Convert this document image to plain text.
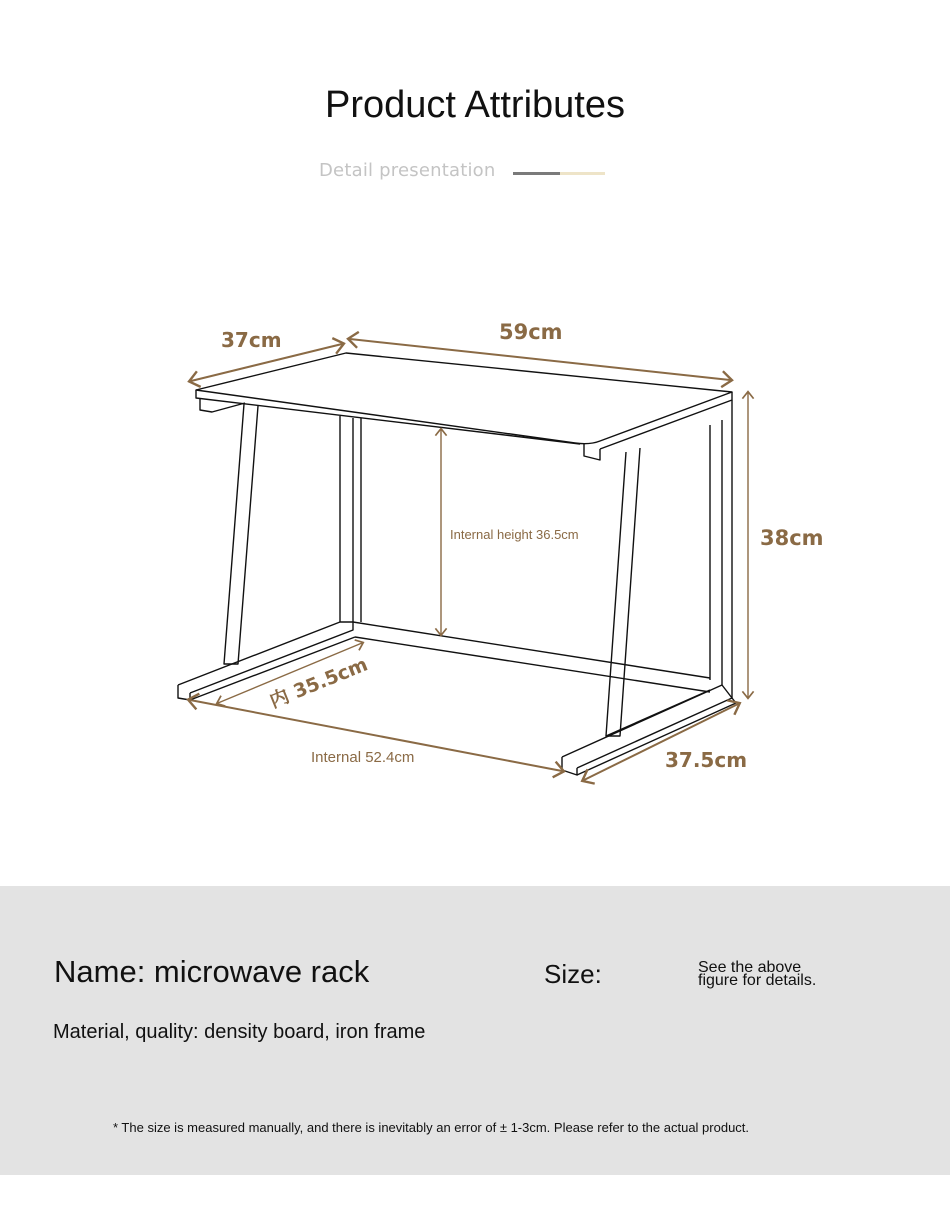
Product Attributes
Detail presentation
37cm	59cm
38cm
Internal height 36.5cm
内 35.5cm
Internal 52.4cm	37.5cm
Name: microwave rack
Material, quality: density board, iron frame
Size:	See the above figure for details.
* The size is measured manually, and there is inevitably an error of ± 1-3cm. Please refer to the actual product.
